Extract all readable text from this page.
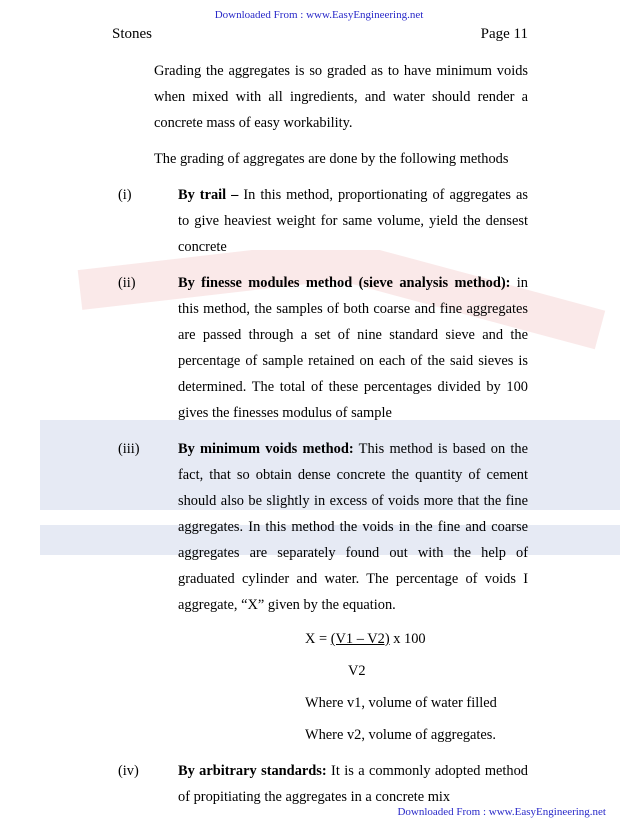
Downloaded From : www.EasyEngineering.net
Stones	Page 11
Grading the aggregates is so graded as to have minimum voids when mixed with all ingredients, and water should render a concrete mass of easy workability.
The grading of aggregates are done by the following methods
(i)	By trail – In this method, proportionating of aggregates as to give heaviest weight for same volume, yield the densest concrete
(ii)	By finesse modules method (sieve analysis method): in this method, the samples of both coarse and fine aggregates are passed through a set of nine standard sieve and the percentage of sample retained on each of the said sieves is determined. The total of these percentages divided by 100 gives the finesses modulus of sample
(iii)	By minimum voids method: This method is based on the fact, that so obtain dense concrete the quantity of cement should also be slightly in excess of voids more that the fine aggregates. In this method the voids in the fine and coarse aggregates are separately found out with the help of graduated cylinder and water. The percentage of voids I aggregate, “X” given by the equation.
X = (V1 – V2) x 100
V2
Where v1, volume of water filled
Where v2, volume of aggregates.
(iv)	By arbitrary standards: It is a commonly adopted method of propitiating the aggregates in a concrete mix
Downloaded From : www.EasyEngineering.net
